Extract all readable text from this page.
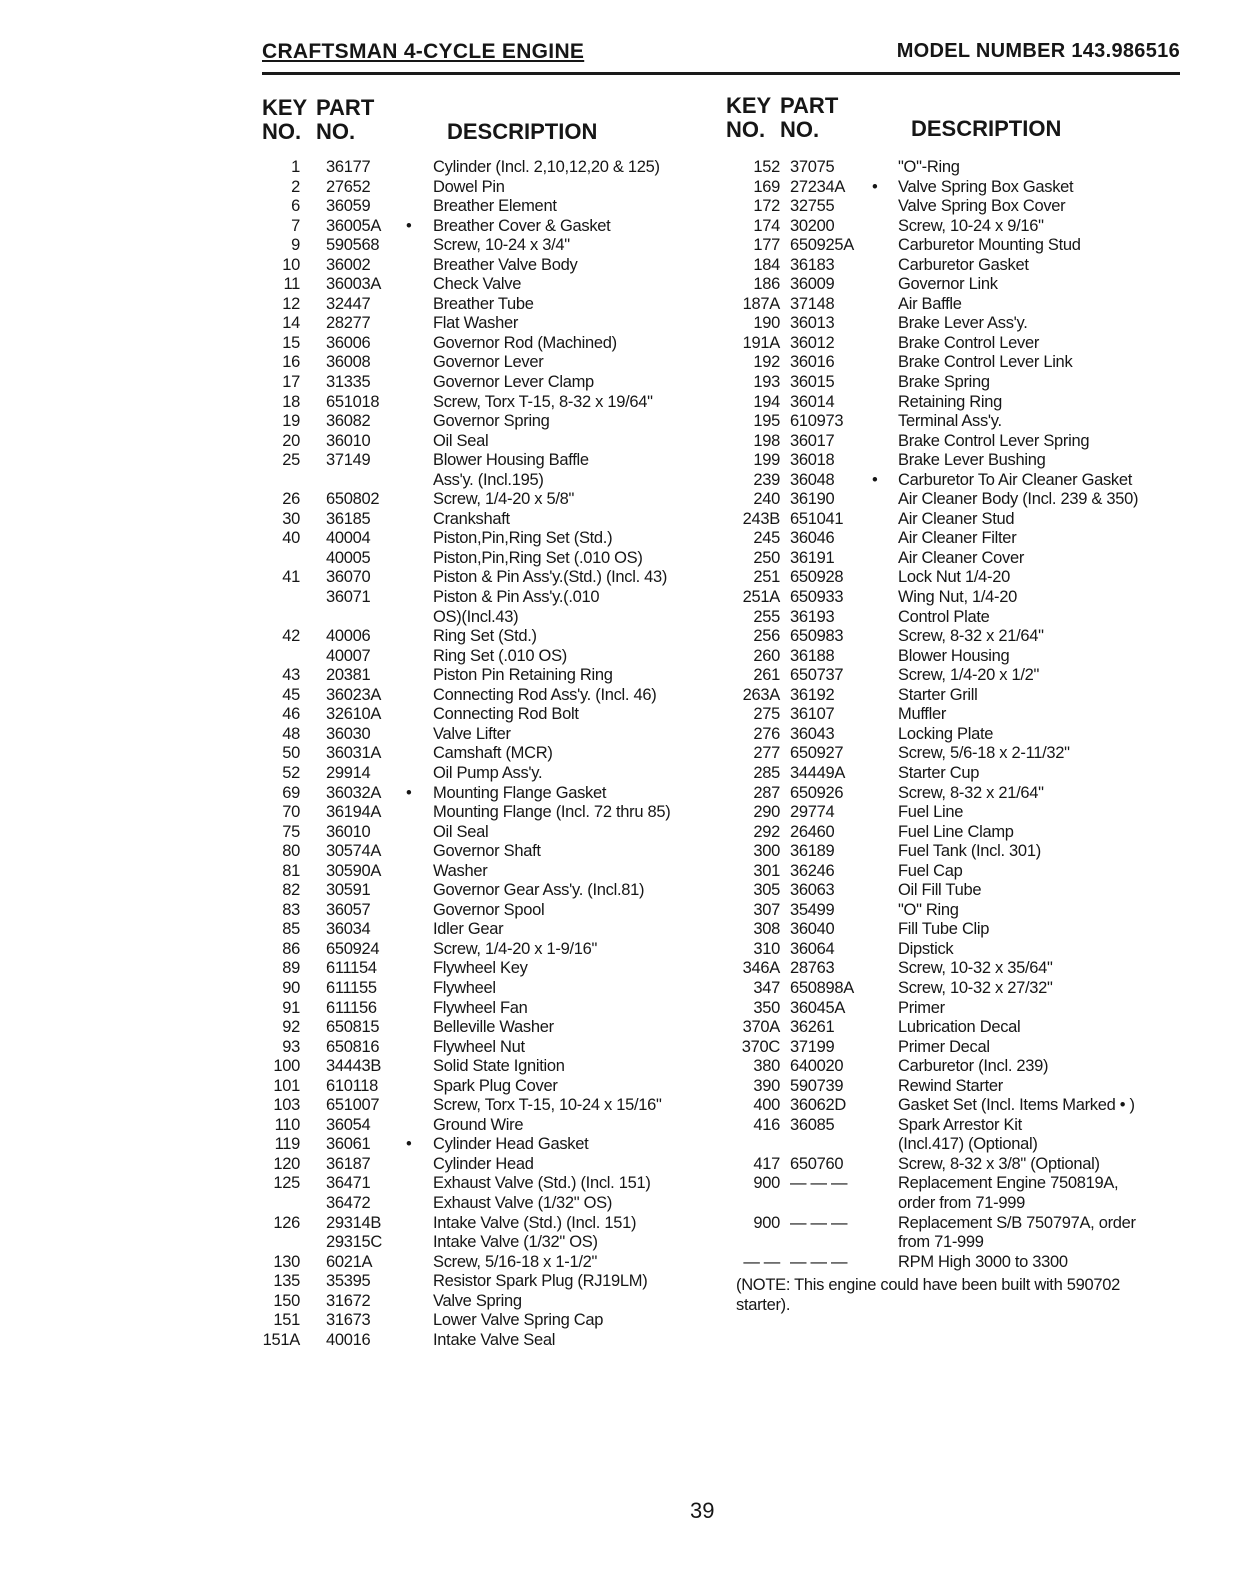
CRAFTSMAN 4-CYCLE ENGINE	MODEL NUMBER 143.986516
KEY
NO.
PART
NO.	DESCRIPTION
KEY
NO.
PART
NO.	DESCRIPTION
1 36177	Cylinder (Incl. 2,10,12,20 & 125)
2 27652	Dowel Pin
6 36059	Breather Element
7 36005A • Breather Cover & Gasket
9 590568	Screw, 10-24 x 3/4"
10 36002	Breather Valve Body
11 36003A	Check Valve
12 32447	Breather Tube
14 28277	Flat Washer
15 36006	Governor Rod (Machined)
16 36008	Governor Lever
17 31335	Governor Lever Clamp
18 651018	Screw, Torx T-15, 8-32 x 19/64"
19 36082	Governor Spring
20 36010	Oil Seal
25 37149	Blower Housing Baffle
Ass'y. (Incl.195)
26 650802	Screw, 1/4-20 x 5/8"
30 36185	Crankshaft
40 40004	Piston,Pin,Ring Set (Std.)
40005	Piston,Pin,Ring Set (.010 OS)
41 36070	Piston & Pin Ass'y.(Std.) (Incl. 43)
36071	Piston & Pin Ass'y.(.010
OS)(Incl.43)
42 40006	Ring Set (Std.)
40007	Ring Set (.010 OS)
43 20381	Piston Pin Retaining Ring
45 36023A	Connecting Rod Ass'y. (Incl. 46)
46 32610A	Connecting Rod Bolt
48 36030	Valve Lifter
50 36031A	Camshaft (MCR)
52 29914	Oil Pump Ass'y.
69 36032A • Mounting Flange Gasket
70 36194A	Mounting Flange (Incl. 72 thru 85)
75 36010	Oil Seal
80 30574A	Governor Shaft
81 30590A	Washer
82 30591	Governor Gear Ass'y. (Incl.81)
83 36057	Governor Spool
85 36034	Idler Gear
86 650924	Screw, 1/4-20 x 1-9/16"
89 611154	Flywheel Key
90 611155	Flywheel
91 611156	Flywheel Fan
92 650815	Belleville Washer
93 650816	Flywheel Nut
100 34443B	Solid State Ignition
101 610118	Spark Plug Cover
103 651007	Screw, Torx T-15, 10-24 x 15/16"
110 36054	Ground Wire
119 36061 • Cylinder Head Gasket
120 36187	Cylinder Head
125 36471	Exhaust Valve (Std.) (Incl. 151)
36472	Exhaust Valve (1/32" OS)
126 29314B	Intake Valve (Std.) (Incl. 151)
29315C	Intake Valve (1/32" OS)
130 6021A	Screw, 5/16-18 x 1-1/2"
135 35395	Resistor Spark Plug (RJ19LM)
150 31672	Valve Spring
151 31673	Lower Valve Spring Cap
151A 40016	Intake Valve Seal
152 37075	"O"-Ring
169 27234A • Valve Spring Box Gasket
172 32755	Valve Spring Box Cover
174 30200	Screw, 10-24 x 9/16"
177 650925A	Carburetor Mounting Stud
184 36183	Carburetor Gasket
186 36009	Governor Link
187A 37148	Air Baffle
190 36013	Brake Lever Ass'y.
191A 36012	Brake Control Lever
192 36016	Brake Control Lever Link
193 36015	Brake Spring
194 36014	Retaining Ring
195 610973	Terminal Ass'y.
198 36017	Brake Control Lever Spring
199 36018	Brake Lever Bushing
239 36048 • Carburetor To Air Cleaner Gasket
240 36190	Air Cleaner Body (Incl. 239 & 350)
243B 651041	Air Cleaner Stud
245 36046	Air Cleaner Filter
250 36191	Air Cleaner Cover
251 650928	Lock Nut 1/4-20
251A 650933	Wing Nut, 1/4-20
255 36193	Control Plate
256 650983	Screw, 8-32 x 21/64"
260 36188	Blower Housing
261 650737	Screw, 1/4-20 x 1/2"
263A 36192	Starter Grill
275 36107	Muffler
276 36043	Locking Plate
277 650927	Screw, 5/6-18 x 2-11/32"
285 34449A	Starter Cup
287 650926	Screw, 8-32 x 21/64"
290 29774	Fuel Line
292 26460	Fuel Line Clamp
300 36189	Fuel Tank (Incl. 301)
301 36246	Fuel Cap
305 36063	Oil Fill Tube
307 35499	"O" Ring
308 36040	Fill Tube Clip
310 36064	Dipstick
346A 28763	Screw, 10-32 x 35/64"
347 650898A	Screw, 10-32 x 27/32"
350 36045A	Primer
370A 36261	Lubrication Decal
370C 37199	Primer Decal
380 640020	Carburetor (Incl. 239)
390 590739	Rewind Starter
400 36062D	Gasket Set (Incl. Items Marked • )
416 36085	Spark Arrestor Kit
(Incl.417) (Optional)
417 650760	Screw, 8-32 x 3/8" (Optional)
900 — — —	Replacement Engine 750819A,
order from 71-999
900 — — —	Replacement S/B 750797A, order
from 71-999
— — — — —	RPM High 3000 to 3300
(NOTE: This engine could have been built with 590702 starter).
39
